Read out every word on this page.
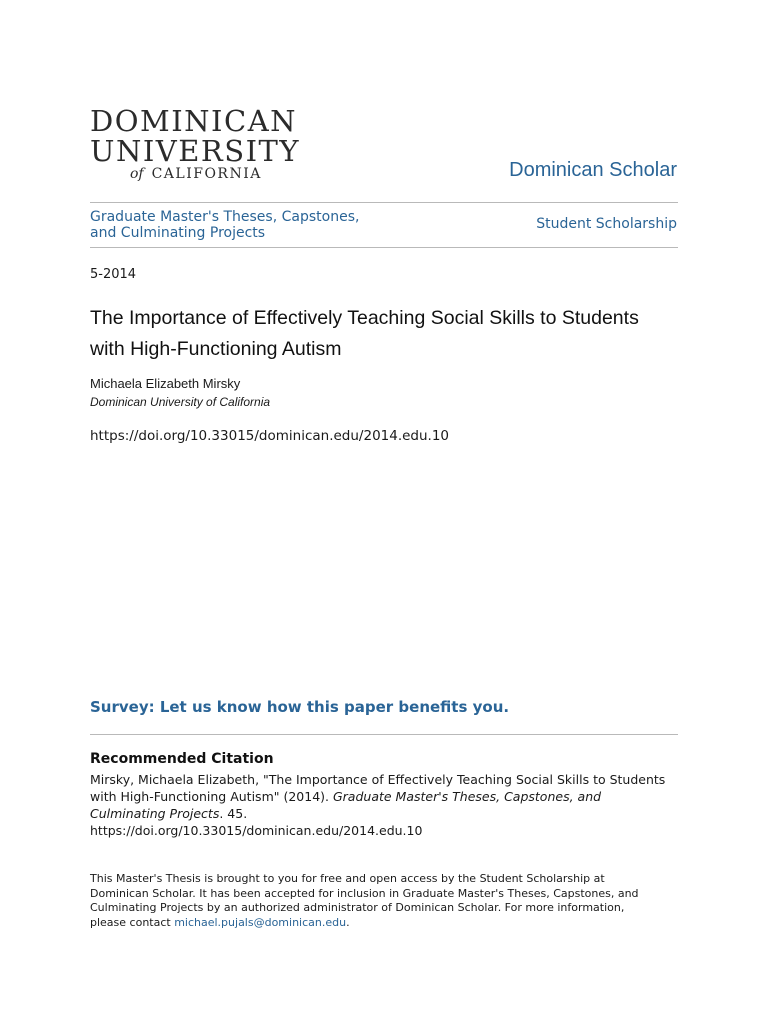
DOMINICAN
UNIVERSITY
of CALIFORNIA	Dominican Scholar
Graduate Master's Theses, Capstones,
and Culminating Projects
Student Scholarship
5-2014
The Importance of Effectively Teaching Social Skills to Students
with High-Functioning Autism
Michaela Elizabeth Mirsky
Dominican University of California
https://doi.org/10.33015/dominican.edu/2014.edu.10
Survey: Let us know how this paper benefits you.
Recommended Citation
Mirsky, Michaela Elizabeth, "The Importance of Effectively Teaching Social Skills to Students
with High-Functioning Autism" (2014). Graduate Master's Theses, Capstones, and
Culminating Projects. 45.
https://doi.org/10.33015/dominican.edu/2014.edu.10
This Master's Thesis is brought to you for free and open access by the Student Scholarship at
Dominican Scholar. It has been accepted for inclusion in Graduate Master's Theses, Capstones, and
Culminating Projects by an authorized administrator of Dominican Scholar. For more information,
please contact michael.pujals@dominican.edu.
